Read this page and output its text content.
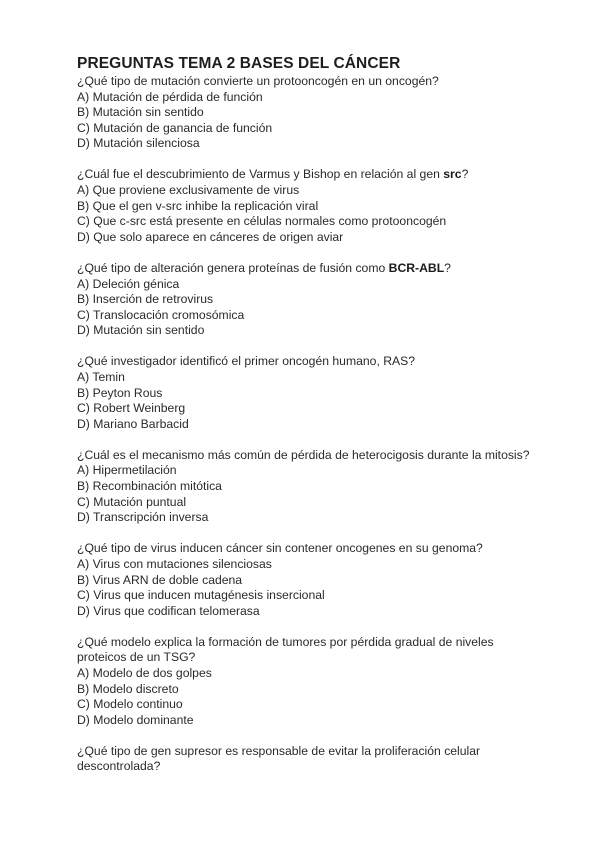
PREGUNTAS TEMA 2 BASES DEL CÁNCER
¿Qué tipo de mutación convierte un protooncogén en un oncogén?
A) Mutación de pérdida de función
B) Mutación sin sentido
C) Mutación de ganancia de función
D) Mutación silenciosa
¿Cuál fue el descubrimiento de Varmus y Bishop en relación al gen src?
A) Que proviene exclusivamente de virus
B) Que el gen v-src inhibe la replicación viral
C) Que c-src está presente en células normales como protooncogén
D) Que solo aparece en cánceres de origen aviar
¿Qué tipo de alteración genera proteínas de fusión como BCR-ABL?
A) Deleción génica
B) Inserción de retrovirus
C) Translocación cromosómica
D) Mutación sin sentido
¿Qué investigador identificó el primer oncogén humano, RAS?
A) Temin
B) Peyton Rous
C) Robert Weinberg
D) Mariano Barbacid
¿Cuál es el mecanismo más común de pérdida de heterocigosis durante la mitosis?
A) Hipermetilación
B) Recombinación mitótica
C) Mutación puntual
D) Transcripción inversa
¿Qué tipo de virus inducen cáncer sin contener oncogenes en su genoma?
A) Virus con mutaciones silenciosas
B) Virus ARN de doble cadena
C) Virus que inducen mutagénesis insercional
D) Virus que codifican telomerasa
¿Qué modelo explica la formación de tumores por pérdida gradual de niveles proteicos de un TSG?
A) Modelo de dos golpes
B) Modelo discreto
C) Modelo continuo
D) Modelo dominante
¿Qué tipo de gen supresor es responsable de evitar la proliferación celular descontrolada?
